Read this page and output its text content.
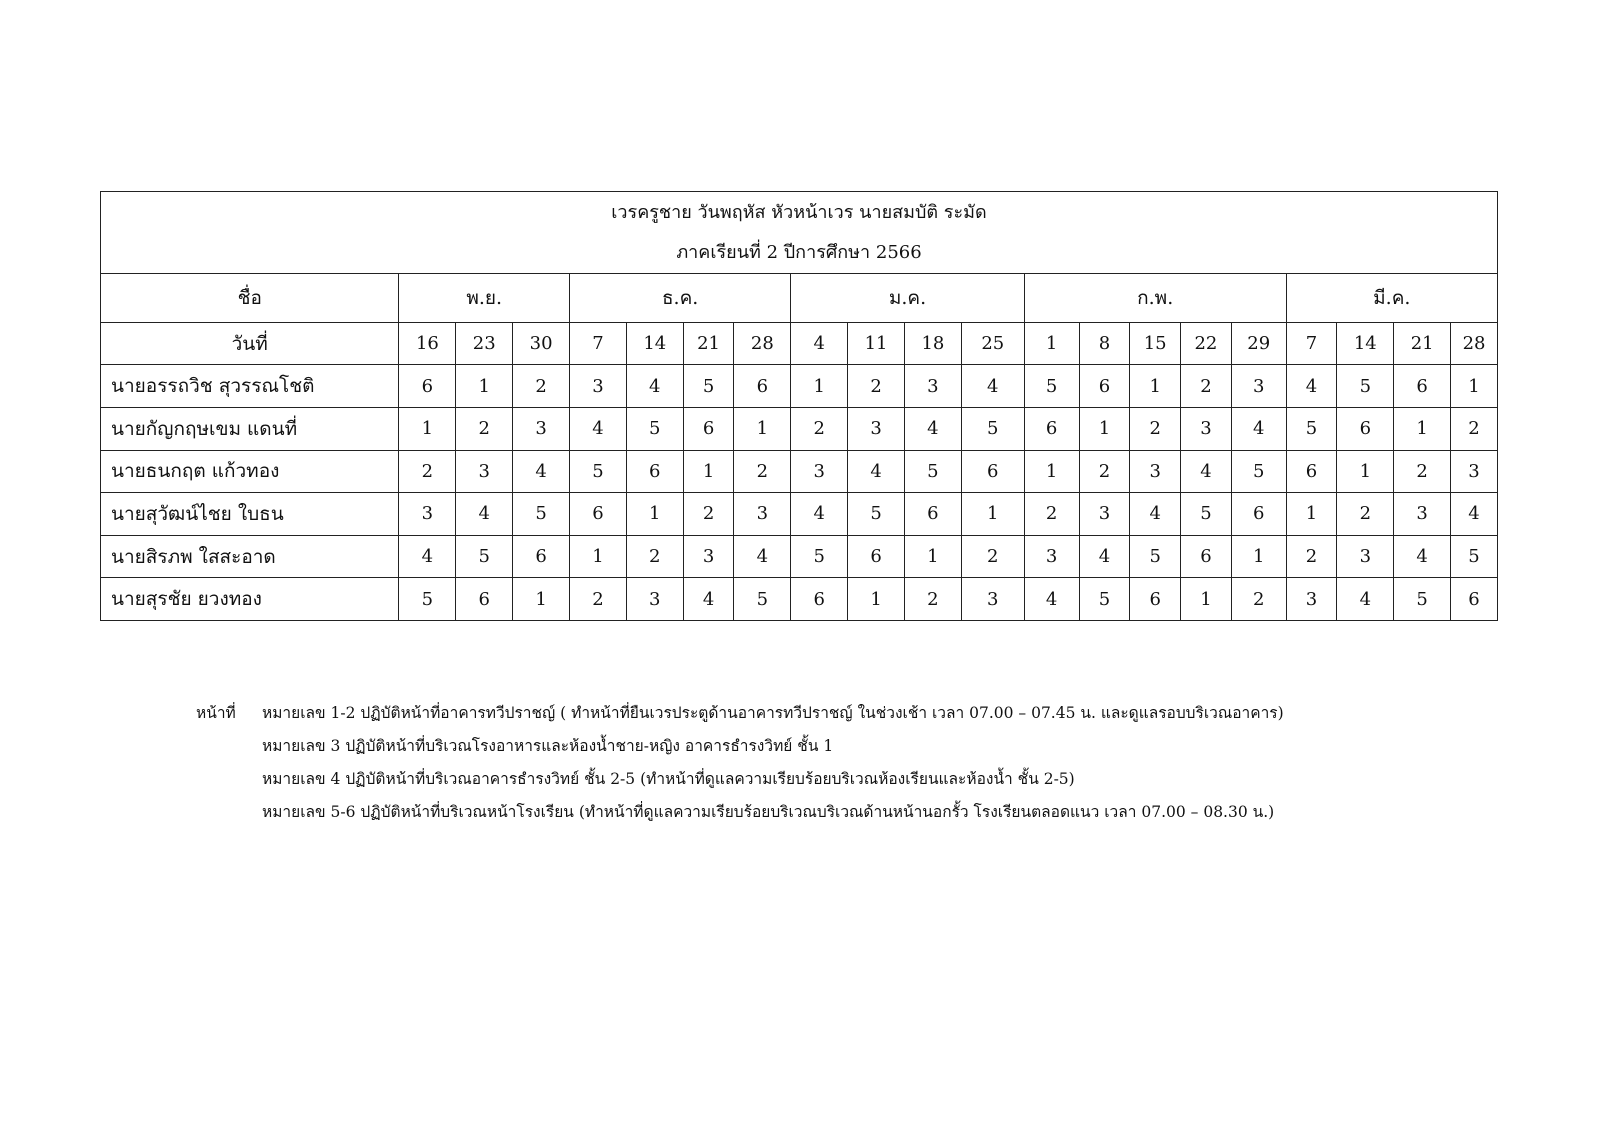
เวรครูชาย วันพฤหัส หัวหน้าเวร นายสมบัติ ระมัด
ภาคเรียนที่ 2 ปีการศึกษา 2566																				

ชื่อ	พ.ย.			ธ.ค.				ม.ค.				ก.พ.					มี.ค.			
วันที่	16	23	30	7	14	21	28	4	11	18	25	1	8	15	22	29	7	14	21	28
นายอรรถวิช สุวรรณโชติ	6	1	2	3	4	5	6	1	2	3	4	5	6	1	2	3	4	5	6	1
นายกัญกฤษเขม แดนที่	1	2	3	4	5	6	1	2	3	4	5	6	1	2	3	4	5	6	1	2
นายธนกฤต แก้วทอง	2	3	4	5	6	1	2	3	4	5	6	1	2	3	4	5	6	1	2	3
นายสุวัฒน์ไชย ใบธน	3	4	5	6	1	2	3	4	5	6	1	2	3	4	5	6	1	2	3	4
นายสิรภพ ใสสะอาด	4	5	6	1	2	3	4	5	6	1	2	3	4	5	6	1	2	3	4	5
นายสุรชัย ยวงทอง	5	6	1	2	3	4	5	6	1	2	3	4	5	6	1	2	3	4	5	6
หน้าที่ หมายเลข 1-2 ปฏิบัติหน้าที่อาคารทวีปราชญ์ ( ทำหน้าที่ยืนเวรประตูด้านอาคารทวีปราชญ์ ในช่วงเช้า เวลา 07.00 – 07.45 น. และดูแลรอบบริเวณอาคาร)
หมายเลข 3 ปฏิบัติหน้าที่บริเวณโรงอาหารและห้องน้ำชาย-หญิง อาคารธำรงวิทย์ ชั้น 1
หมายเลข 4 ปฏิบัติหน้าที่บริเวณอาคารธำรงวิทย์ ชั้น 2-5 (ทำหน้าที่ดูแลความเรียบร้อยบริเวณห้องเรียนและห้องน้ำ ชั้น 2-5)
หมายเลข 5-6 ปฏิบัติหน้าที่บริเวณหน้าโรงเรียน (ทำหน้าที่ดูแลความเรียบร้อยบริเวณบริเวณด้านหน้านอกรั้ว โรงเรียนตลอดแนว เวลา 07.00 – 08.30 น.)
